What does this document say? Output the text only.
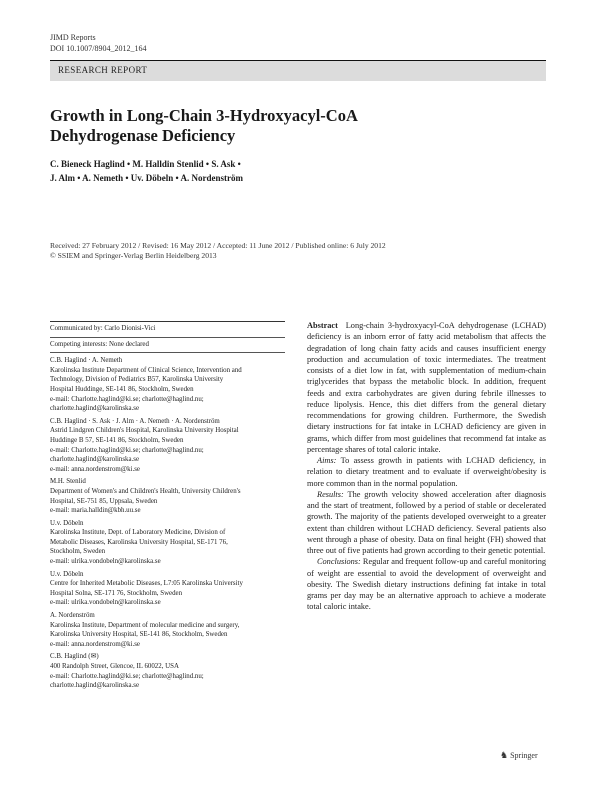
JIMD Reports
DOI 10.1007/8904_2012_164
RESEARCH REPORT
Growth in Long-Chain 3-Hydroxyacyl-CoA
Dehydrogenase Deficiency
C. Bieneck Haglind • M. Halldin Stenlid • S. Ask •
J. Alm • A. Nemeth • Uv. Döbeln • A. Nordenström
Received: 27 February 2012 / Revised: 16 May 2012 / Accepted: 11 June 2012 / Published online: 6 July 2012
© SSIEM and Springer-Verlag Berlin Heidelberg 2013
Communicated by: Carlo Dionisi-Vici
Competing interests: None declared
C.B. Haglind · A. Nemeth
Karolinska Institute Department of Clinical Science, Intervention and
Technology, Division of Pediatrics B57, Karolinska University
Hospital Huddinge, SE-141 86, Stockholm, Sweden
e-mail: Charlotte.haglind@ki.se; charlotte@haglind.nu;
charlotte.haglind@karolinska.se
C.B. Haglind · S. Ask · J. Alm · A. Nemeth · A. Nordenström
Astrid Lindgren Children's Hospital, Karolinska University Hospital
Huddinge B 57, SE-141 86, Stockholm, Sweden
e-mail: Charlotte.haglind@ki.se; charlotte@haglind.nu;
charlotte.haglind@karolinska.se
e-mail: anna.nordenstrom@ki.se
M.H. Stenlid
Department of Women's and Children's Health, University Children's
Hospital, SE-751 85, Uppsala, Sweden
e-mail: maria.halldin@kbh.uu.se
U.v. Döbeln
Karolinska Institute, Dept. of Laboratory Medicine, Division of
Metabolic Diseases, Karolinska University Hospital, SE-171 76,
Stockholm, Sweden
e-mail: ulrika.vondobeln@karolinska.se
U.v. Döbeln
Centre for Inherited Metabolic Diseases, L7:05 Karolinska University
Hospital Solna, SE-171 76, Stockholm, Sweden
e-mail: ulrika.vondobeln@karolinska.se
A. Nordenström
Karolinska Institute, Department of molecular medicine and surgery,
Karolinska University Hospital, SE-141 86, Stockholm, Sweden
e-mail: anna.nordenstrom@ki.se
C.B. Haglind (✉)
400 Randolph Street, Glencoe, IL 60022, USA
e-mail: Charlotte.haglind@ki.se; charlotte@haglind.nu;
charlotte.haglind@karolinska.se

Abstract Long-chain 3-hydroxyacyl-CoA dehydrogenase (LCHAD) deficiency is an inborn error of fatty acid metabolism that affects the degradation of long chain fatty acids and causes insufficient energy production and accumulation of toxic intermediates. The treatment consists of a diet low in fat, with supplementation of medium-chain triglycerides that bypass the metabolic block. In addition, frequent feeds and extra carbohydrates are given during febrile illnesses to reduce lipolysis. Hence, this diet differs from the general dietary recommendations for growing children. Furthermore, the Swedish dietary instructions for fat intake in LCHAD deficiency are given in grams, which differ from most guidelines that recommend fat intake as percentage shares of total caloric intake.

Aims: To assess growth in patients with LCHAD deficiency, in relation to dietary treatment and to evaluate if overweight/obesity is more common than in the normal population.

Results: The growth velocity showed acceleration after diagnosis and the start of treatment, followed by a period of stable or decelerated growth. The majority of the patients developed overweight to a greater extent than children without LCHAD deficiency. Several patients also went through a phase of obesity. Data on final height (FH) showed that three out of five patients had grown according to their genetic potential.

Conclusions: Regular and frequent follow-up and careful monitoring of weight are essential to avoid the development of overweight and obesity. The Swedish dietary instructions defining fat intake in total grams per day may be an alternative approach to achieve a moderate total caloric intake.

♞ Springer
